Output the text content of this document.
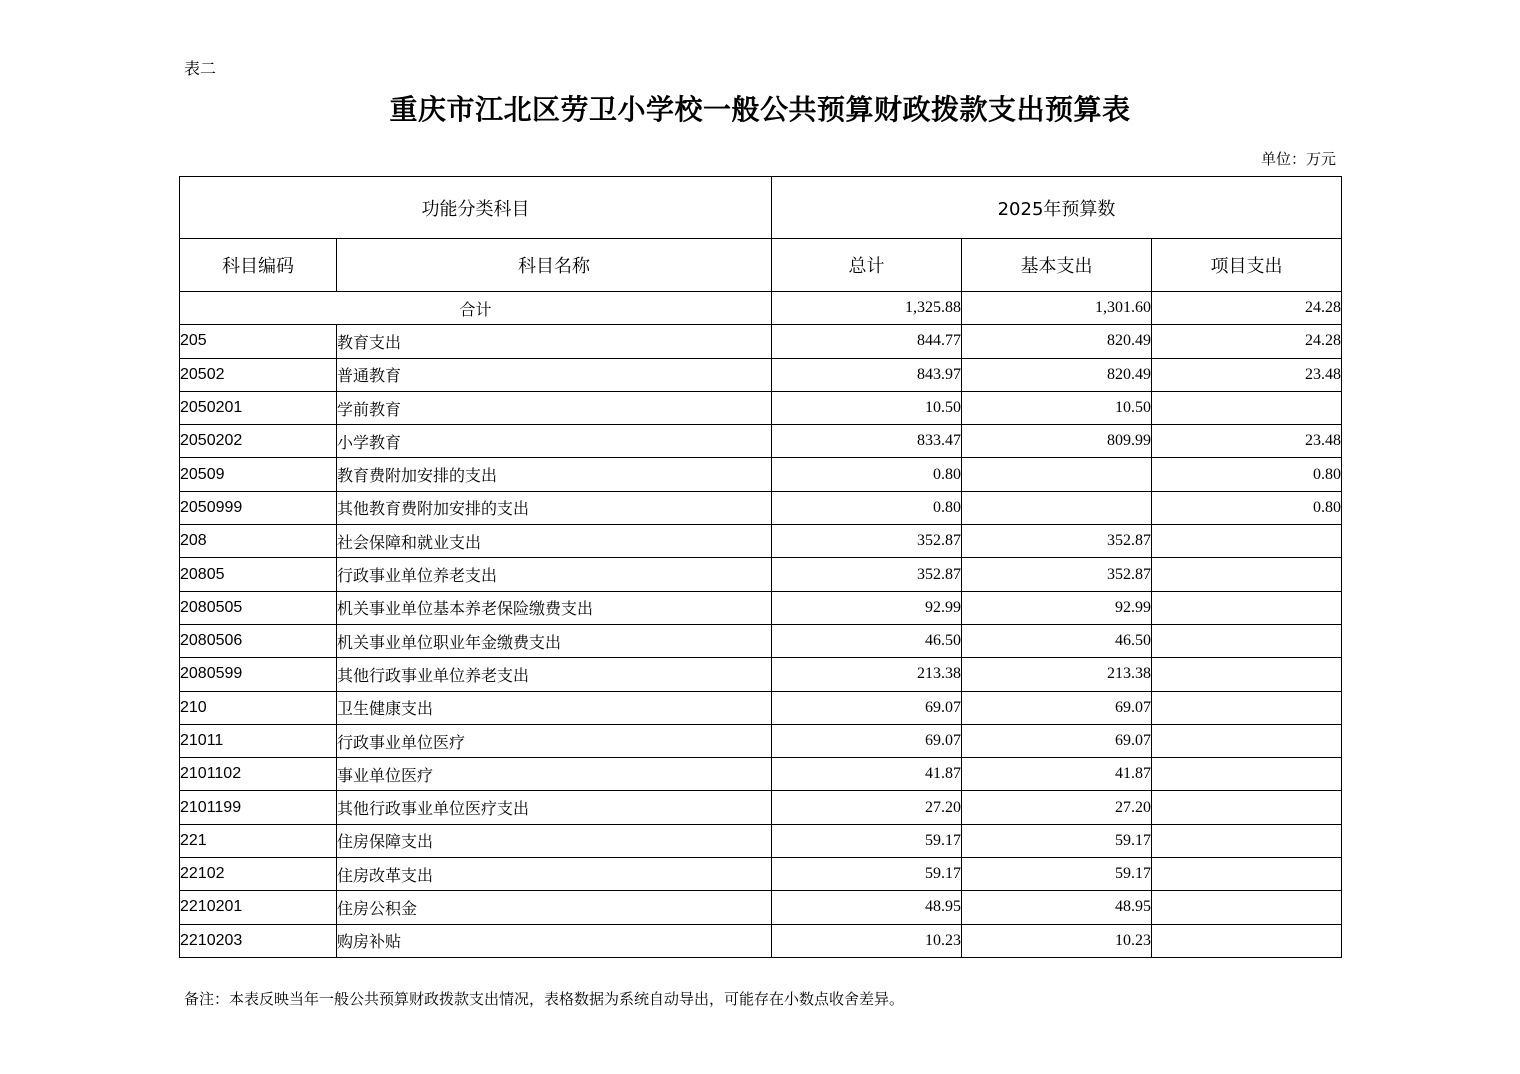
表二
重庆市江北区劳卫小学校一般公共预算财政拨款支出预算表
单位：万元
功能分类科目		2025年预算数		
科目编码	科目名称	总计	基本支出	项目支出
合计		1,325.88	1,301.60	24.28
205	教育支出	844.77	820.49	24.28
20502	普通教育	843.97	820.49	23.48
2050201	学前教育	10.50	10.50	
2050202	小学教育	833.47	809.99	23.48
20509	教育费附加安排的支出	0.80		0.80
2050999	其他教育费附加安排的支出	0.80		0.80
208	社会保障和就业支出	352.87	352.87	
20805	行政事业单位养老支出	352.87	352.87	
2080505	机关事业单位基本养老保险缴费支出	92.99	92.99	
2080506	机关事业单位职业年金缴费支出	46.50	46.50	
2080599	其他行政事业单位养老支出	213.38	213.38	
210	卫生健康支出	69.07	69.07	
21011	行政事业单位医疗	69.07	69.07	
2101102	事业单位医疗	41.87	41.87	
2101199	其他行政事业单位医疗支出	27.20	27.20	
221	住房保障支出	59.17	59.17	
22102	住房改革支出	59.17	59.17	
2210201	住房公积金	48.95	48.95	
2210203	购房补贴	10.23	10.23	
备注：本表反映当年一般公共预算财政拨款支出情况，表格数据为系统自动导出，可能存在小数点收舍差异。
